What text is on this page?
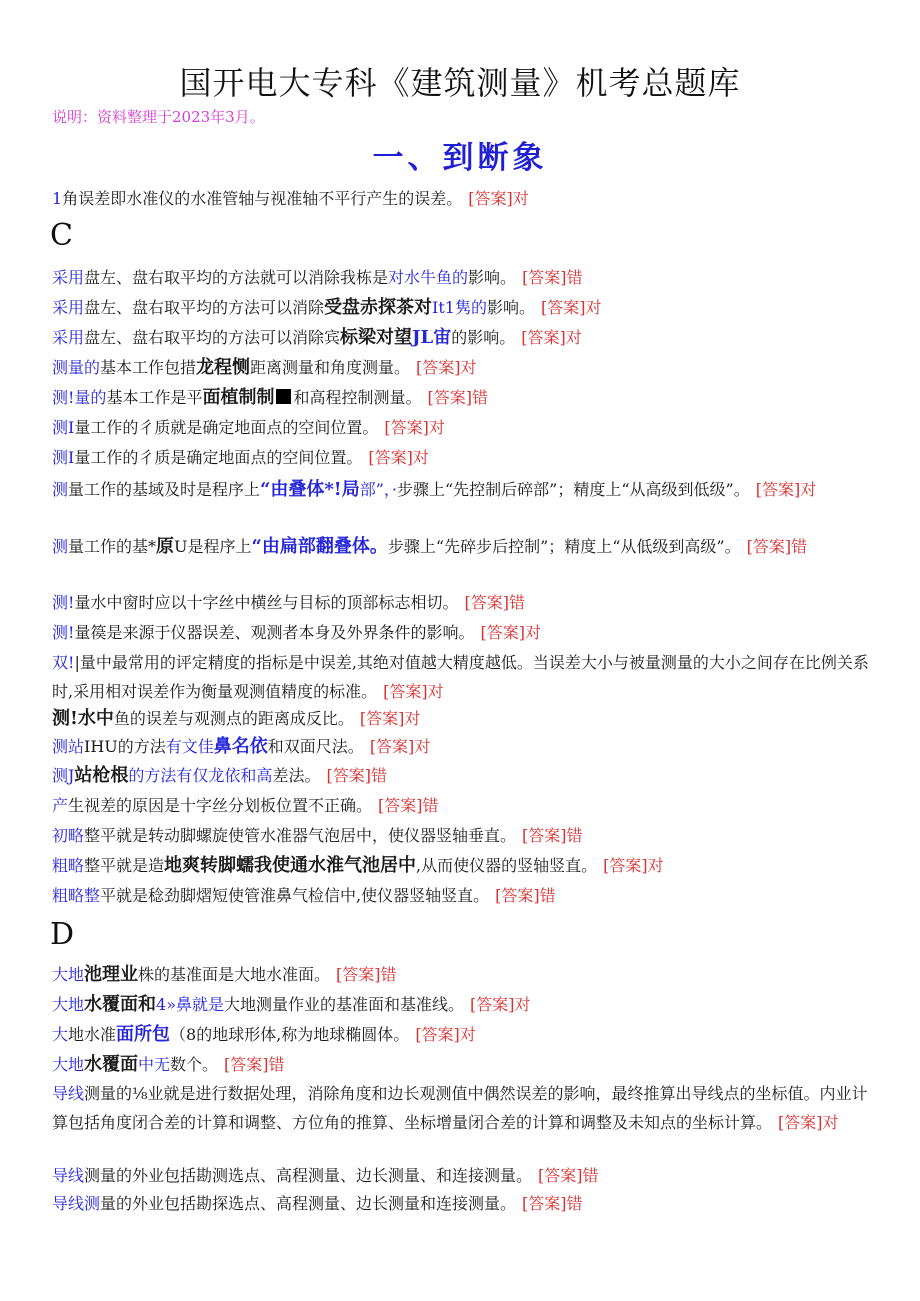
国开电大专科《建筑测量》机考总题库
说明：资料整理于2023年3月。
一、到断象
1角误差即水准仪的水准管轴与视准轴不平行产生的误差。 [答案]对
C
采用盘左、盘右取平均的方法就可以消除我栋是对水牛鱼的影响。 [答案]错
采用盘左、盘右取平均的方法可以消除受盘赤探茶对It1隽的影响。 [答案]对
采用盘左、盘右取平均的方法可以消除宾标梁对望JL宙的影响。 [答案]对
测量的基本工作包措龙程恻距离测量和角度测量。 [答案]对
测!量的基本工作是平面植制制 和高程控制测量。 [答案]错
测I量工作的彳质就是确定地面点的空间位置。 [答案]对
测I量工作的彳质是确定地面点的空间位置。 [答案]对
测量工作的基域及时是程序上“由叠体*!局部”，·步骤上“先控制后碎部”；精度上“从高级到低级”。 [答案]对
测量工作的基*原U是程序上“由扁部翻叠体。步骤上“先碎步后控制”；精度上“从低级到高级”。 [答案]错
测!量水中窗时应以十字丝中横丝与目标的顶部标志相切。 [答案]错
测!量篌是来源于仪器误差、观测者本身及外界条件的影响。 [答案]对
双!|量中最常用的评定精度的指标是中误差,其绝对值越大精度越低。当误差大小与被量测量的大小之间存在比例关系时,采用相对误差作为衡量观测值精度的标准。 [答案]对
测!水中鱼的误差与观测点的距离成反比。 [答案]对
测站IHU的方法有文佳鼻名依和双面尺法。 [答案]对
测J站枪根的方法有仅龙依和高差法。 [答案]错
产生视差的原因是十字丝分划板位置不正确。 [答案]错
初略整平就是转动脚螺旋使管水准器气泡居中，使仪器竖轴垂直。 [答案]错
粗略整平就是造地爽转脚蠕我使通水淮气池居中,从而使仪器的竖轴竖直。 [答案]对
粗略整平就是稔劲脚熠短使管淮鼻气检信中,使仪器竖轴竖直。 [答案]错
D
大地池理业株的基准面是大地水准面。 [答案]错
大地水覆面和4»鼻就是大地测量作业的基准面和基准线。 [答案]对
大地水准面所包（8的地球形体,称为地球椭圆体。 [答案]对
大地水覆面中无数个。 [答案]错
导线测量的⅛业就是进行数据处理，消除角度和边长观测值中偶然误差的影响，最终推算出导线点的坐标值。内业计算包括角度闭合差的计算和调整、方位角的推算、坐标增量闭合差的计算和调整及未知点的坐标计算。 [答案]对
导线测量的外业包括勘测选点、高程测量、边长测量、和连接测量。 [答案]错
导线测量的外业包括勘探选点、高程测量、边长测量和连接测量。 [答案]错
